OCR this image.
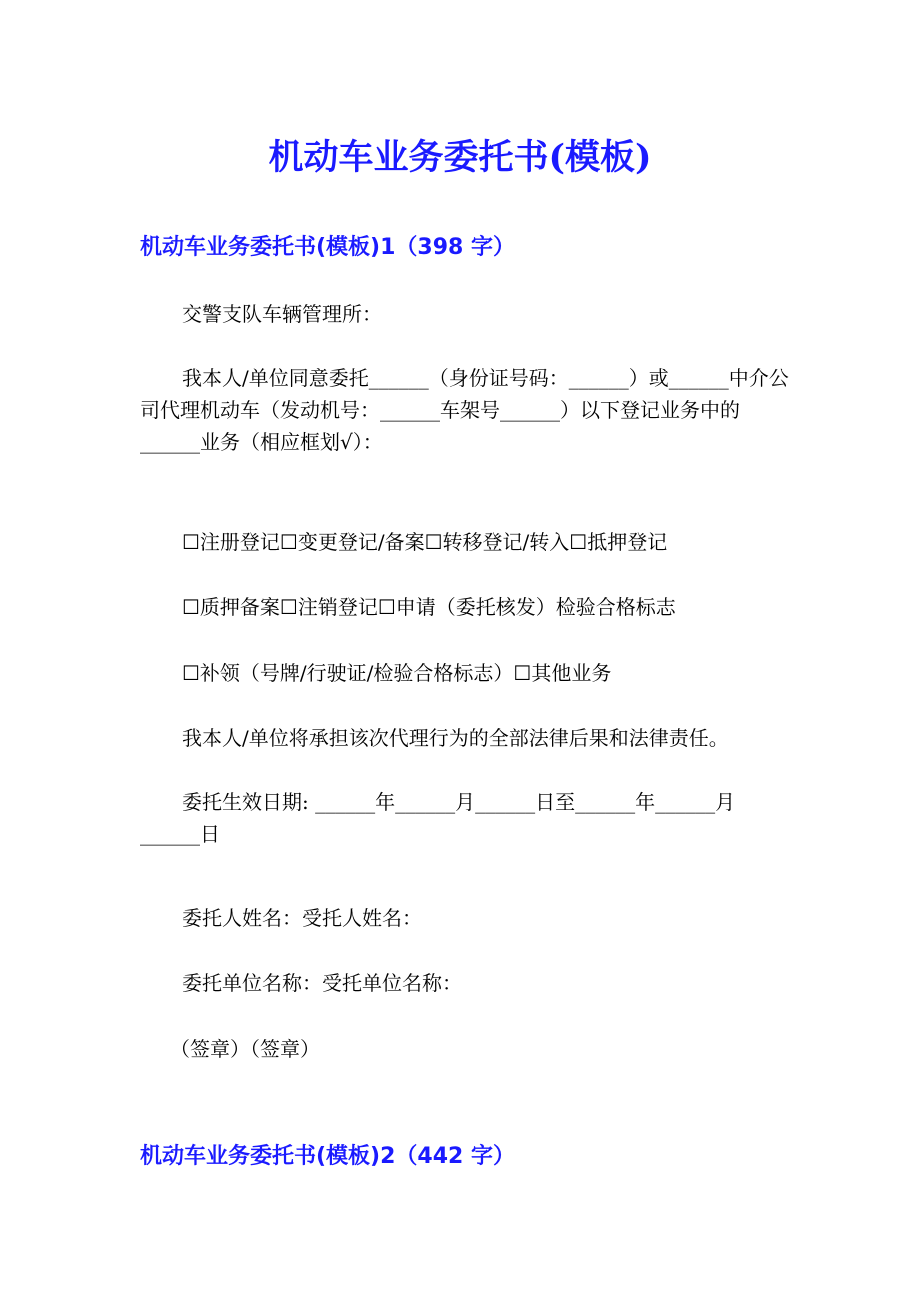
机动车业务委托书(模板)
机动车业务委托书(模板)1（398 字）

交警支队车辆管理所：

我本人/单位同意委托______（身份证号码：______）或______中介公司代理机动车（发动机号：______车架号______）以下登记业务中的______业务（相应框划√）：

☐注册登记☐变更登记/备案☐转移登记/转入☐抵押登记

☐质押备案☐注销登记☐申请（委托核发）检验合格标志

☐补领（号牌/行驶证/检验合格标志）☐其他业务

我本人/单位将承担该次代理行为的全部法律后果和法律责任。

委托生效日期: ______年______月______日至______年______月______日

委托人姓名：受托人姓名：

委托单位名称：受托单位名称：

（签章）（签章）

机动车业务委托书(模板)2（442 字）
